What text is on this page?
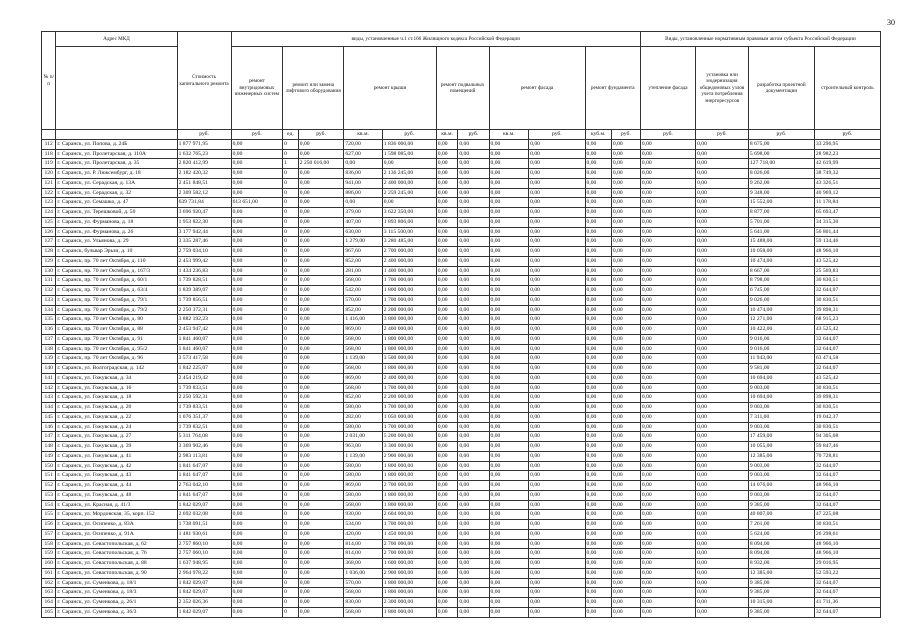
30
№ п/п	Адрес МКД	Стоимость капитального ремонта	виды, установленные ч.1 ст.166 Жилищного кодекса Российской Федерации											Виды, установленные нормативным правовым актом субъекта Российской Федерации			
			ремонт внутридомовых инженерных систем	ремонт или замена лифтового оборудования		ремонт крыши		ремонт подвальных помещений		ремонт фасада		ремонт фундамента		утепление фасада	установка или модернизация общедомовых узлов учета потребления энергоресурсов	разработка проектной документации	строительный контроль
		руб.	руб.	ед.	руб.	кв.м.	руб.	кв.м.	руб.	кв.м.	руб.	куб.м.	руб.	руб.	руб.	руб.	руб.
112	г. Саранск, ул. Попова, д. 24Б	1 877 971,95	0,00	0	0,00	720,00	1 836 000,00	0,00	0,00	0,00	0,00	0,00	0,00	0,00	0,00	8 675,00	33 296,95
118	г. Саранск, ул. Пролетарская, д. 110А	1 632 765,23	0,00	0	0,00	627,00	1 598 085,00	0,00	0,00	0,00	0,00	0,00	0,00	0,00	0,00	5 698,00	28 982,23
119	г. Саранск, ул. Пролетарская, д. 35	2 820 412,99	0,00	1	2 250 016,00	0,00	0,00	0,00	0,00	0,00	0,00	0,00	0,00	0,00	0,00	127 718,00	42 619,99
120	г. Саранск, ул. Р. Люксембург, д. 18	2 182 420,32	0,00	0	0,00	836,00	2 136 245,00	0,00	0,00	0,00	0,00	0,00	0,00	0,00	0,00	8 026,00	38 749,32
121	г. Саранск, ул. Серадская, д. 13А	2 451 848,51	0,00	0	0,00	941,00	2 400 000,00	0,00	0,00	0,00	0,00	0,00	0,00	0,00	0,00	9 262,00	43 326,51
122	г. Саранск, ул. Серадская, д. 32	2 309 582,12	0,00	0	0,00	886,00	2 259 245,00	0,00	0,00	0,00	0,00	0,00	0,00	0,00	0,00	9 348,00	40 969,12
123	г. Саранск, ул. Семашко, д. 47	639 731,84	613 651,00	0	0,00	0,00	0,00	0,00	0,00	0,00	0,00	0,00	0,00	0,00	0,00	15 552,00	11 178,84
124	г. Саранск, ул. Терешковой, д. 50	3 696 920,47	0,00	0	0,00	379,00	3 622 350,00	0,00	0,00	0,00	0,00	0,00	0,00	0,00	0,00	8 877,00	65 693,47
125	г. Саранск, ул. Фурманова, д. 18	1 953 822,30	0,00	0	0,00	407,00	1 893 806,00	0,00	0,00	0,00	0,00	0,00	0,00	0,00	0,00	5 701,00	34 315,30
126	г. Саранск, ул. Фурманова, д. 26	3 177 942,44	0,00	0	0,00	630,00	3 115 500,00	0,00	0,00	0,00	0,00	0,00	0,00	0,00	0,00	5 641,00	56 801,44
127	г. Саранск, ул. Ульянова, д. 29	3 335 287,46	0,00	0	0,00	1 279,00	3 280 485,00	0,00	0,00	0,00	0,00	0,00	0,00	0,00	0,00	15 488,00	59 134,46
128	г. Саранск, бульвар Эрьзи, д. 10	2 759 034,10	0,00	0	0,00	967,60	2 700 000,00	0,00	0,00	0,00	0,00	0,00	0,00	0,00	0,00	10 058,00	48 966,10
129	г. Саранск, пр. 70 лет Октября, д. 110	2 453 999,42	0,00	0	0,00	852,00	2 400 000,00	0,00	0,00	0,00	0,00	0,00	0,00	0,00	0,00	10 474,00	43 525,42
130	г. Саранск, пр. 70 лет Октября, д. 167/3	1 434 236,83	0,00	0	0,00	281,00	1 400 000,00	0,00	0,00	0,00	0,00	0,00	0,00	0,00	0,00	8 667,00	25 569,83
131	г. Саранск, пр. 70 лет Октября, д. 60/1	1 739 828,51	0,00	0	0,00	568,00	1 700 000,00	0,00	0,00	0,00	0,00	0,00	0,00	0,00	0,00	8 798,00	30 830,51
132	г. Саранск, пр. 70 лет Октября, д. 63/4	1 839 389,07	0,00	0	0,00	542,00	1 800 000,00	0,00	0,00	0,00	0,00	0,00	0,00	0,00	0,00	6 745,00	32 644,07
133	г. Саранск, пр. 70 лет Октября, д. 79/1	1 739 856,51	0,00	0	0,00	570,00	1 700 000,00	0,00	0,00	0,00	0,00	0,00	0,00	0,00	0,00	9 026,00	30 830,51
134	г. Саранск, пр. 70 лет Октября, д. 79/2	2 250 372,31	0,00	0	0,00	852,00	2 200 000,00	0,00	0,00	0,00	0,00	0,00	0,00	0,00	0,00	10 474,00	39 898,31
135	г. Саранск, пр. 70 лет Октября, д. 80	3 882 192,23	0,00	0	0,00	1 416,00	3 800 000,00	0,00	0,00	0,00	0,00	0,00	0,00	0,00	0,00	12 271,00	68 915,23
136	г. Саранск, пр. 70 лет Октября, д. 88	2 453 947,42	0,00	0	0,00	869,00	2 400 000,00	0,00	0,00	0,00	0,00	0,00	0,00	0,00	0,00	10 422,00	43 525,42
137	г. Саранск, пр. 70 лет Октября, д. 91	1 841 460,07	0,00	0	0,00	568,00	1 800 000,00	0,00	0,00	0,00	0,00	0,00	0,00	0,00	0,00	9 016,00	32 644,07
138	г. Саранск, пр. 70 лет Октября, д. 95/2	1 841 460,07	0,00	0	0,00	568,00	1 800 000,00	0,00	0,00	0,00	0,00	0,00	0,00	0,00	0,00	9 016,00	32 644,07
139	г. Саранск, пр. 70 лет Октября, д. 96	3 573 417,58	0,00	0	0,00	1 139,00	3 500 000,00	0,00	0,00	0,00	0,00	0,00	0,00	0,00	0,00	11 943,00	63 474,58
140	г. Саранск, ул. Волгоградская, д. 142	1 842 225,07	0,00	0	0,00	568,00	1 800 000,00	0,00	0,00	0,00	0,00	0,00	0,00	0,00	0,00	9 581,00	32 644,07
141	г. Саранск, ул. Гожувская, д. 34	2 454 219,42	0,00	0	0,00	869,00	2 400 000,00	0,00	0,00	0,00	0,00	0,00	0,00	0,00	0,00	10 694,00	43 525,42
142	г. Саранск, ул. Гожувская, д. 16	1 739 833,51	0,00	0	0,00	568,00	1 700 000,00	0,00	0,00	0,00	0,00	0,00	0,00	0,00	0,00	9 003,00	30 830,51
143	г. Саранск, ул. Гожувская, д. 18	2 250 592,31	0,00	0	0,00	852,00	2 200 000,00	0,00	0,00	0,00	0,00	0,00	0,00	0,00	0,00	10 694,00	39 898,31
144	г. Саранск, ул. Гожувская, д. 20	1 739 833,51	0,00	0	0,00	580,00	1 700 000,00	0,00	0,00	0,00	0,00	0,00	0,00	0,00	0,00	9 003,00	30 830,51
145	г. Саранск, ул. Гожувская, д. 22	1 076 351,37	0,00	0	0,00	282,00	1 050 000,00	0,00	0,00	0,00	0,00	0,00	0,00	0,00	0,00	7 311,00	19 042,37
146	г. Саранск, ул. Гожувская, д. 24	1 739 832,51	0,00	0	0,00	580,00	1 700 000,00	0,00	0,00	0,00	0,00	0,00	0,00	0,00	0,00	9 003,00	30 830,51
147	г. Саранск, ул. Гожувская, д. 27	5 311 764,08	0,00	0	0,00	2 031,00	5 200 000,00	0,00	0,00	0,00	0,00	0,00	0,00	0,00	0,00	17 459,00	94 305,08
148	г. Саранск, ул. Гожувская, д. 39	3 369 902,46	0,00	0	0,00	963,00	3 300 000,00	0,00	0,00	0,00	0,00	0,00	0,00	0,00	0,00	10 055,00	59 847,46
149	г. Саранск, ул. Гожувская, д. 41	2 983 113,81	0,00	0	0,00	1 139,00	2 900 000,00	0,00	0,00	0,00	0,00	0,00	0,00	0,00	0,00	12 385,00	70 728,81
150	г. Саранск, ул. Гожувская, д. 42	1 841 647,07	0,00	0	0,00	580,00	1 800 000,00	0,00	0,00	0,00	0,00	0,00	0,00	0,00	0,00	9 003,00	32 644,07
151	г. Саранск, ул. Гожувская, д. 43	1 841 647,07	0,00	0	0,00	580,00	1 800 000,00	0,00	0,00	0,00	0,00	0,00	0,00	0,00	0,00	9 003,00	32 644,07
152	г. Саранск, ул. Гожувская, д. 44	2 763 042,10	0,00	0	0,00	869,00	2 700 000,00	0,00	0,00	0,00	0,00	0,00	0,00	0,00	0,00	14 076,00	48 966,10
153	г. Саранск, ул. Гожувская, д. 48	1 841 647,07	0,00	0	0,00	580,00	1 800 000,00	0,00	0,00	0,00	0,00	0,00	0,00	0,00	0,00	9 003,00	32 644,07
154	г. Саранск, ул. Красная, д. 41/3	1 842 029,07	0,00	0	0,00	568,00	1 800 000,00	0,00	0,00	0,00	0,00	0,00	0,00	0,00	0,00	9 385,00	32 644,07
155	г. Саранск, ул. Мордовская, 35, корп. 152	2 692 032,08	0,00	0	0,00	930,00	2 604 000,00	0,00	0,00	0,00	0,00	0,00	0,00	0,00	0,00	40 807,00	47 225,08
156	г. Саранск, ул. Осипенко, д. 83А	1 738 091,51	0,00	0	0,00	534,00	1 700 000,00	0,00	0,00	0,00	0,00	0,00	0,00	0,00	0,00	7 261,00	30 830,51
157	г. Саранск, ул. Осипенко, д. 91А	1 481 930,61	0,00	0	0,00	420,00	1 450 000,00	0,00	0,00	0,00	0,00	0,00	0,00	0,00	0,00	5 624,00	26 298,61
158	г. Саранск, ул. Севастопольская, д. 62	2 757 860,10	0,00	0	0,00	814,00	2 700 000,00	0,00	0,00	0,00	0,00	0,00	0,00	0,00	0,00	8 094,00	48 966,10
159	г. Саранск, ул. Севастопольская, д. 76	2 757 060,10	0,00	0	0,00	814,00	2 700 000,00	0,00	0,00	0,00	0,00	0,00	0,00	0,00	0,00	8 094,00	48 966,10
160	г. Саранск, ул. Севастопольская, д. 88	1 637 948,95	0,00	0	0,00	368,00	1 600 000,00	0,00	0,00	0,00	0,00	0,00	0,00	0,00	0,00	8 932,00	29 016,95
161	г. Саранск, ул. Севастопольская, д. 90	2 964 978,22	0,00	0	0,00	1 036,00	2 900 000,00	0,00	0,00	0,00	0,00	0,00	0,00	0,00	0,00	12 385,00	52 593,22
162	г. Саранск, ул. Суменкова, д. 18/1	1 842 029,07	0,00	0	0,00	570,00	1 800 000,00	0,00	0,00	0,00	0,00	0,00	0,00	0,00	0,00	9 385,00	32 644,07
163	г. Саранск, ул. Суменкова, д. 18/3	1 842 029,07	0,00	0	0,00	568,00	1 800 000,00	0,00	0,00	0,00	0,00	0,00	0,00	0,00	0,00	9 385,00	32 644,07
164	г. Саранск, ул. Суменкова, д. 26/1	2 352 026,36	0,00	0	0,00	830,00	2 300 000,00	0,00	0,00	0,00	0,00	0,00	0,00	0,00	0,00	10 315,00	41 711,36
165	г. Саранск, ул. Суменкова, д. 36/3	1 842 029,07	0,00	0	0,00	568,00	1 800 000,00	0,00	0,00	0,00	0,00	0,00	0,00	0,00	0,00	9 385,00	32 644,07
